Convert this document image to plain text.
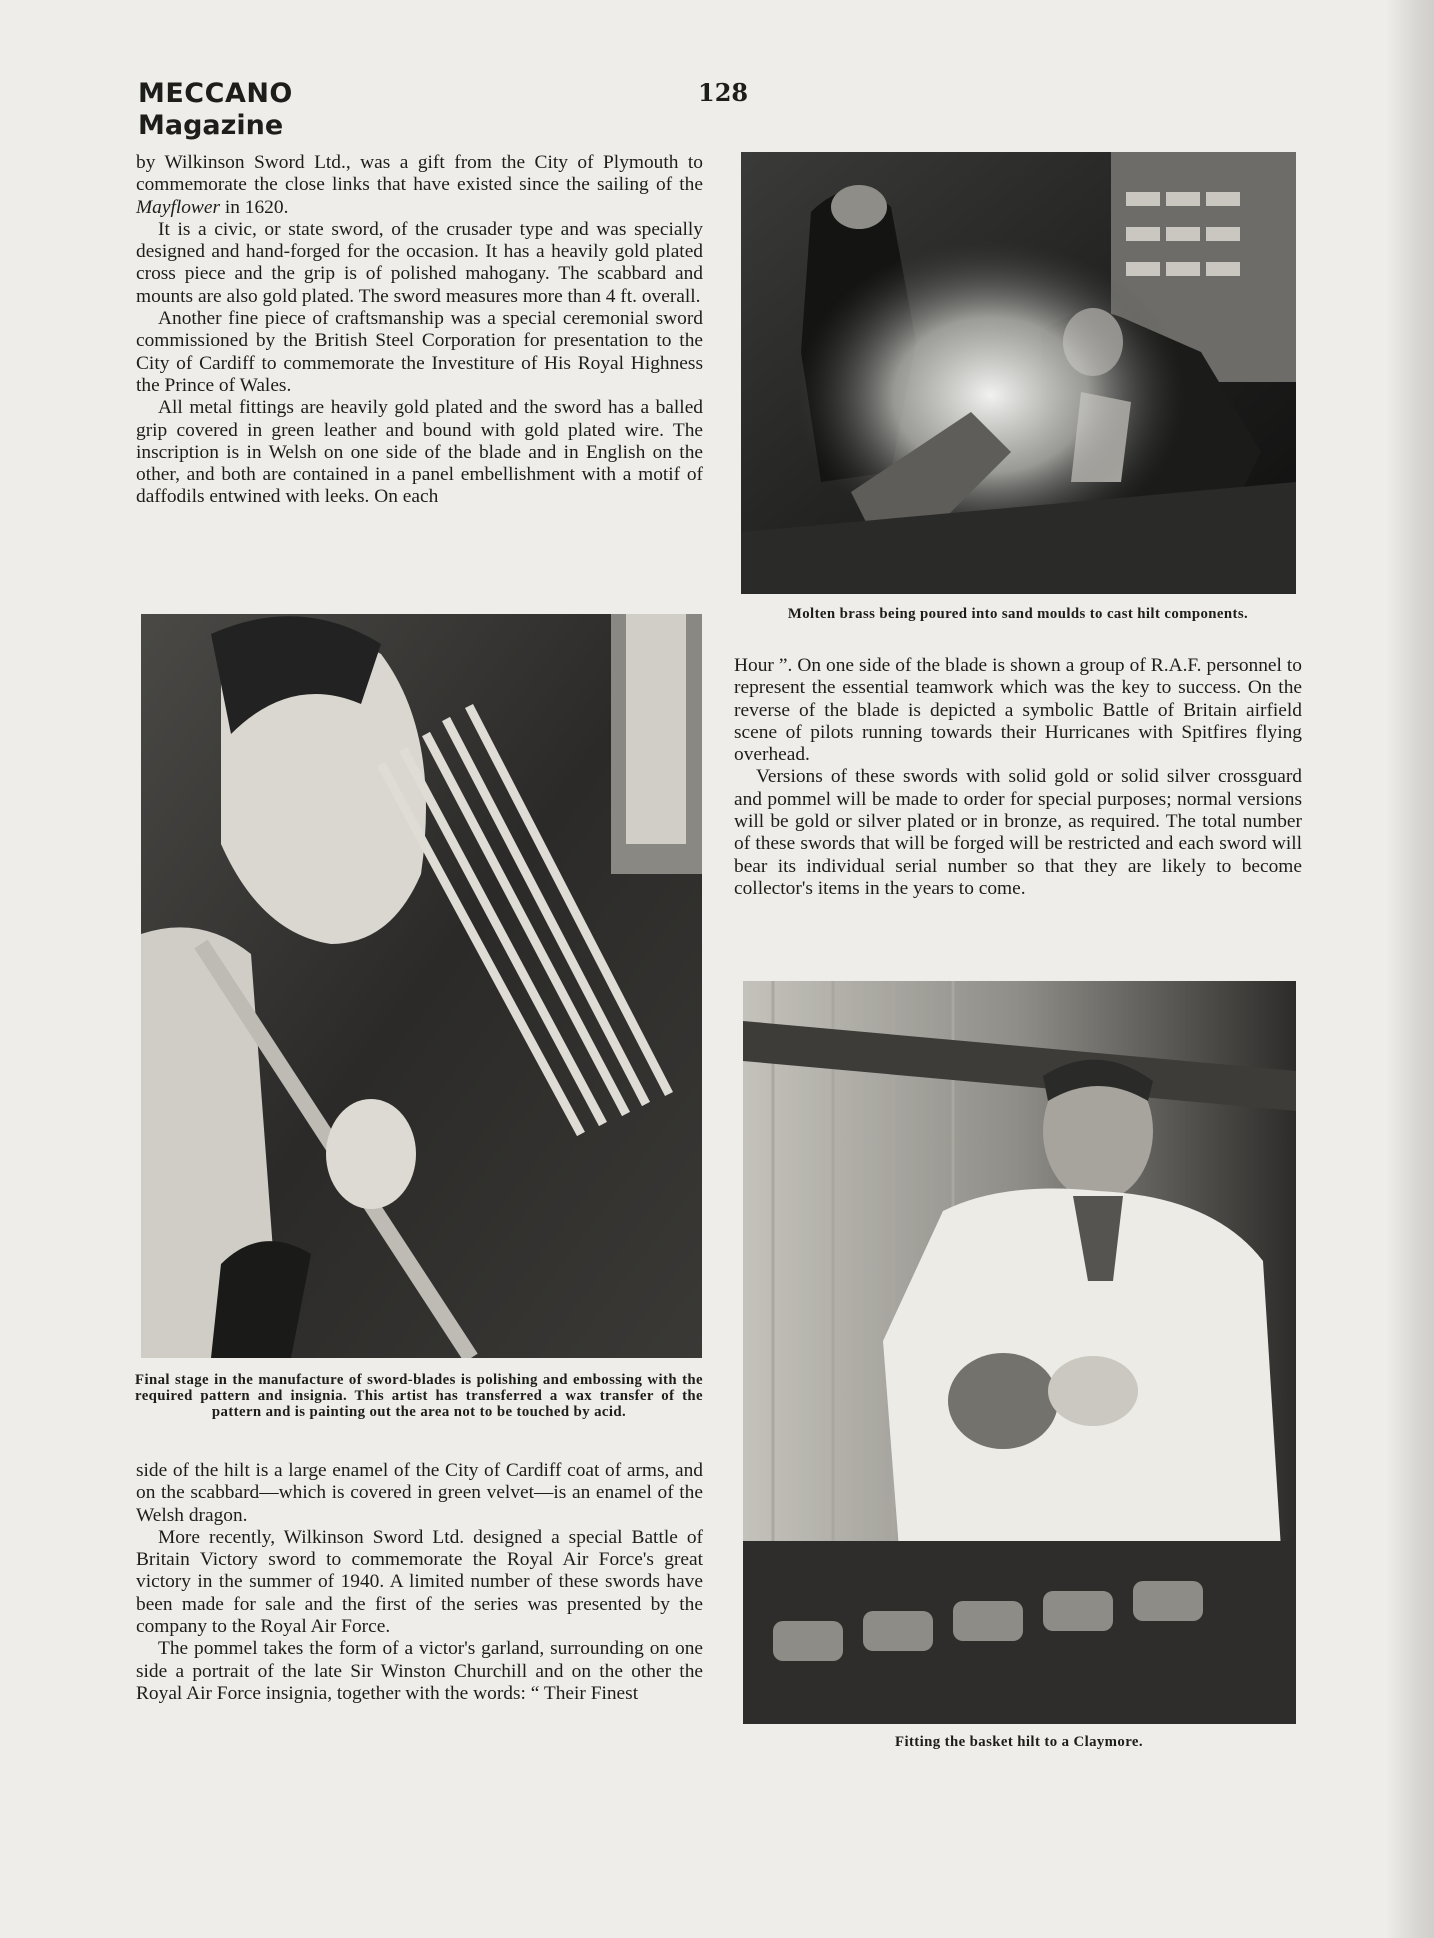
MECCANO
Magazine
128

by Wilkinson Sword Ltd., was a gift from the City of Plymouth to commemorate the close links that have existed since the sailing of the Mayflower in 1620.

It is a civic, or state sword, of the crusader type and was specially designed and hand-forged for the occasion. It has a heavily gold plated cross piece and the grip is of polished mahogany. The scabbard and mounts are also gold plated. The sword measures more than 4 ft. overall.

Another fine piece of craftsmanship was a special ceremonial sword commissioned by the British Steel Corporation for presentation to the City of Cardiff to commemorate the Investiture of His Royal Highness the Prince of Wales.

All metal fittings are heavily gold plated and the sword has a balled grip covered in green leather and bound with gold plated wire. The inscription is in Welsh on one side of the blade and in English on the other, and both are contained in a panel embellishment with a motif of daffodils entwined with leeks. On each

Molten brass being poured into sand moulds to cast hilt components.
Final stage in the manufacture of sword-blades is polishing and embossing with the required pattern and insignia. This artist has transferred a wax transfer of the pattern and is painting out the area not to be touched by acid.

side of the hilt is a large enamel of the City of Cardiff coat of arms, and on the scabbard—which is covered in green velvet—is an enamel of the Welsh dragon.

More recently, Wilkinson Sword Ltd. designed a special Battle of Britain Victory sword to commemorate the Royal Air Force's great victory in the summer of 1940. A limited number of these swords have been made for sale and the first of the series was presented by the company to the Royal Air Force.

The pommel takes the form of a victor's garland, surrounding on one side a portrait of the late Sir Winston Churchill and on the other the Royal Air Force insignia, together with the words: “ Their Finest

Hour ”. On one side of the blade is shown a group of R.A.F. personnel to represent the essential teamwork which was the key to success. On the reverse of the blade is depicted a symbolic Battle of Britain airfield scene of pilots running towards their Hurricanes with Spitfires flying overhead.

Versions of these swords with solid gold or solid silver crossguard and pommel will be made to order for special purposes; normal versions will be gold or silver plated or in bronze, as required. The total number of these swords that will be forged will be restricted and each sword will bear its individual serial number so that they are likely to become collector's items in the years to come.

Fitting the basket hilt to a Claymore.
